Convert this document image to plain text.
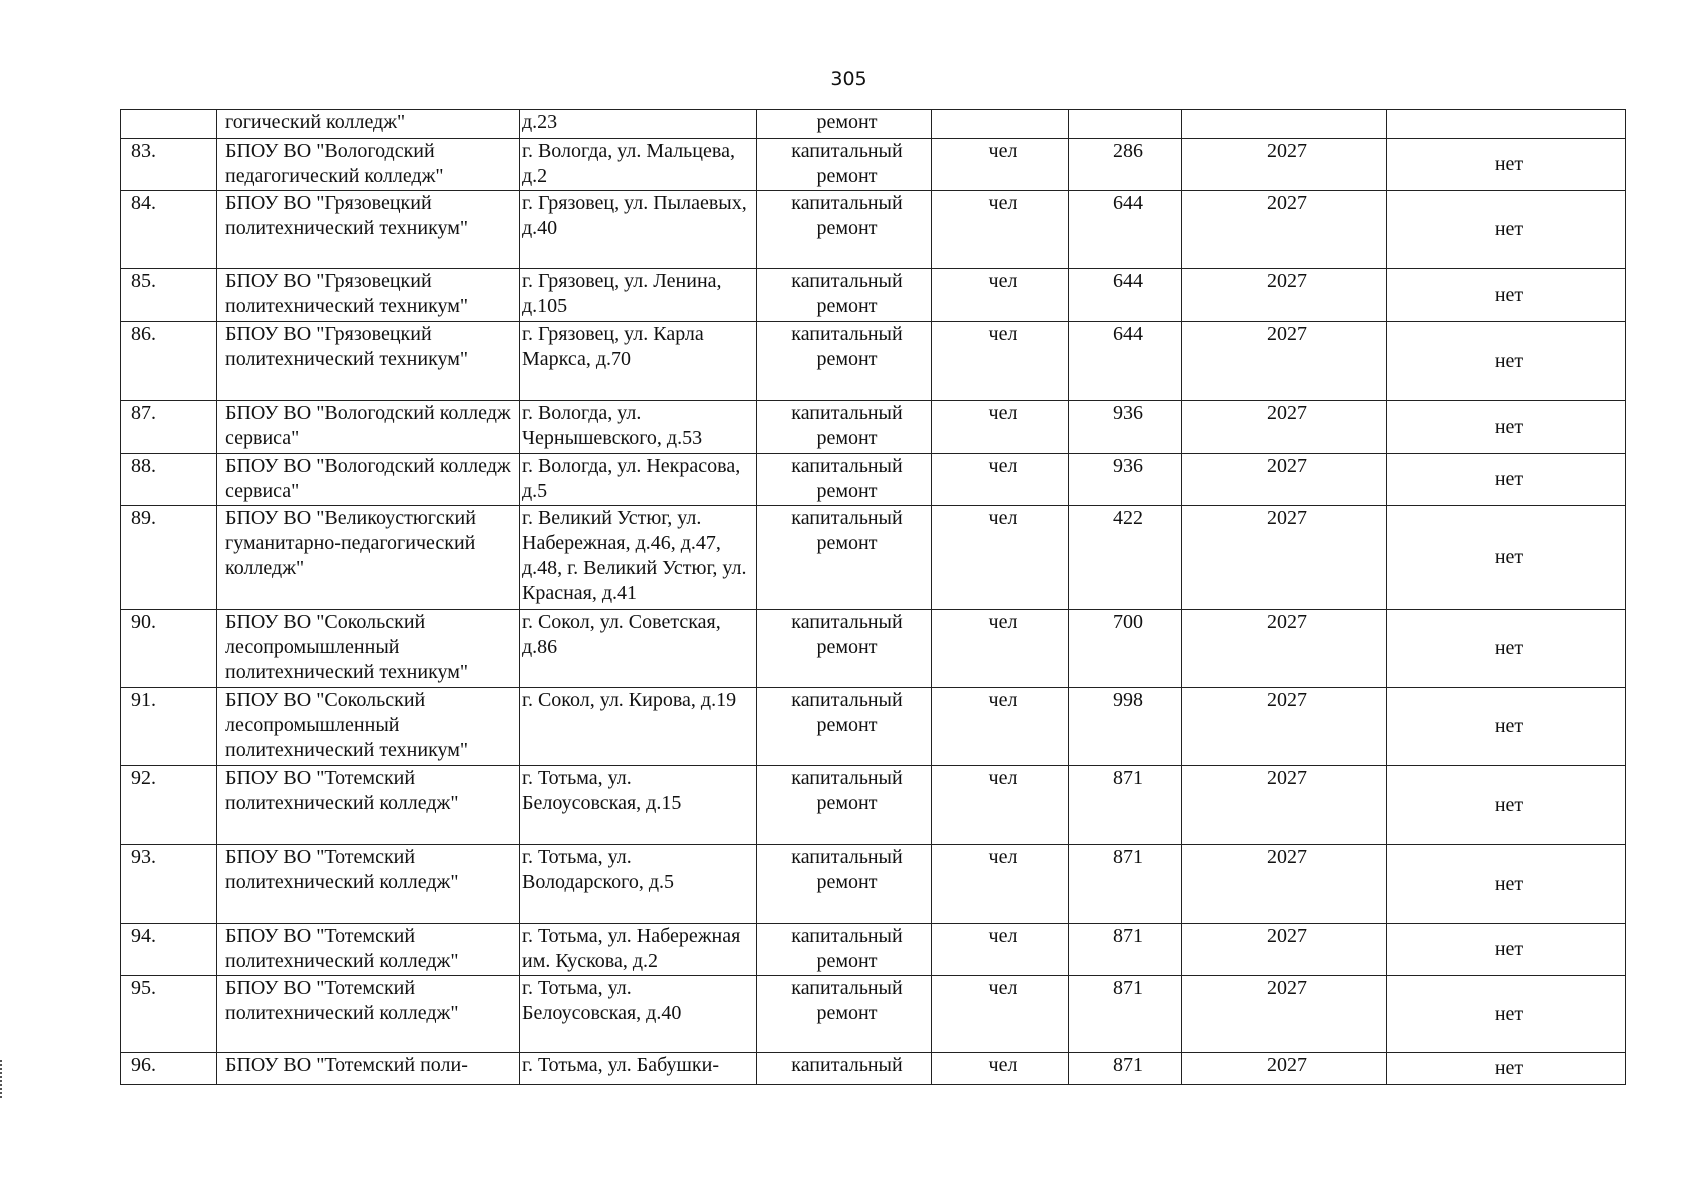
305
	гогический колледж"	д.23	ремонт				
83.	БПОУ ВО "Вологодский педагогический колледж"	г. Вологда, ул. Мальцева, д.2	капитальный ремонт	чел	286	2027	нет
84.	БПОУ ВО "Грязовецкий политехнический техникум"	г. Грязовец, ул. Пылаевых, д.40	капитальный ремонт	чел	644	2027	нет
85.	БПОУ ВО "Грязовецкий политехнический техникум"	г. Грязовец, ул. Ленина, д.105	капитальный ремонт	чел	644	2027	нет
86.	БПОУ ВО "Грязовецкий политехнический техникум"	г. Грязовец, ул. Карла Маркса, д.70	капитальный ремонт	чел	644	2027	нет
87.	БПОУ ВО "Вологодский колледж сервиса"	г. Вологда, ул. Чернышевского, д.53	капитальный ремонт	чел	936	2027	нет
88.	БПОУ ВО "Вологодский колледж сервиса"	г. Вологда, ул. Некрасова, д.5	капитальный ремонт	чел	936	2027	нет
89.	БПОУ ВО "Великоустюгский гуманитарно-педагогический колледж"	г. Великий Устюг, ул. Набережная, д.46, д.47, д.48, г. Великий Устюг, ул. Красная, д.41	капитальный ремонт	чел	422	2027	нет
90.	БПОУ ВО "Сокольский лесопромышленный политехнический техникум"	г. Сокол, ул. Советская, д.86	капитальный ремонт	чел	700	2027	нет
91.	БПОУ ВО "Сокольский лесопромышленный политехнический техникум"	г. Сокол, ул. Кирова, д.19	капитальный ремонт	чел	998	2027	нет
92.	БПОУ ВО "Тотемский политехнический колледж"	г. Тотьма, ул. Белоусовская, д.15	капитальный ремонт	чел	871	2027	нет
93.	БПОУ ВО "Тотемский политехнический колледж"	г. Тотьма, ул. Володарского, д.5	капитальный ремонт	чел	871	2027	нет
94.	БПОУ ВО "Тотемский политехнический колледж"	г. Тотьма, ул. Набережная им. Кускова, д.2	капитальный ремонт	чел	871	2027	нет
95.	БПОУ ВО "Тотемский политехнический колледж"	г. Тотьма, ул. Белоусовская, д.40	капитальный ремонт	чел	871	2027	нет
96.	БПОУ ВО "Тотемский поли-	г. Тотьма, ул. Бабушки-	капитальный	чел	871	2027	нет
